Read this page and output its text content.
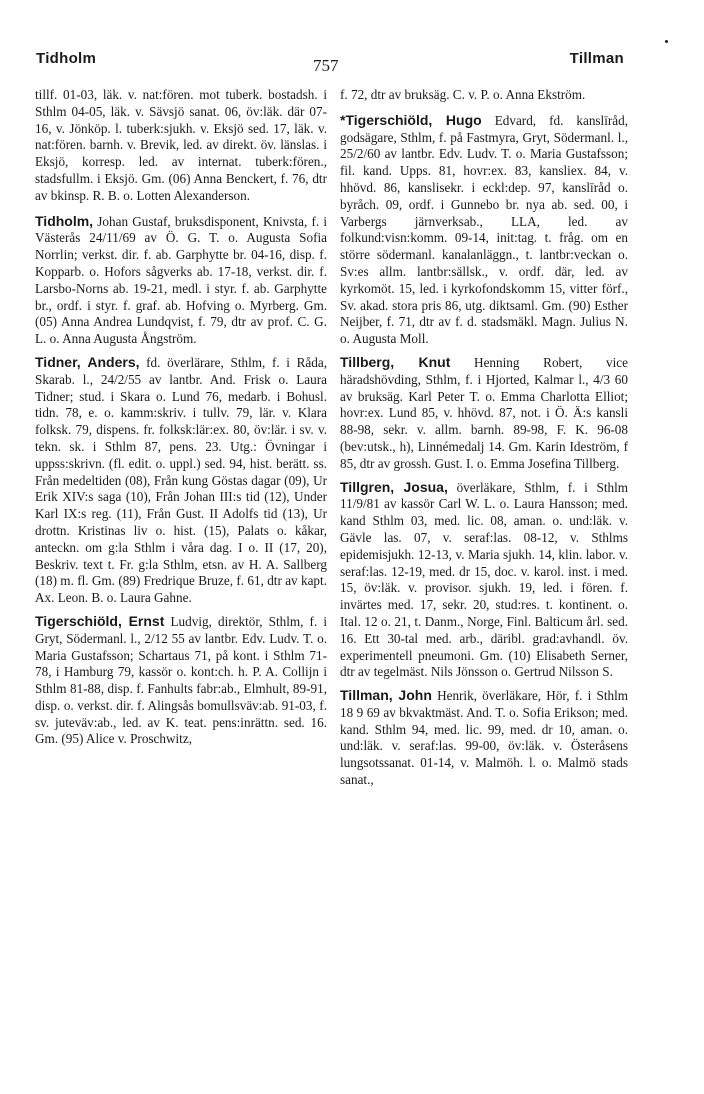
Tidholm	757	Tillman

tillf. 01-03, läk. v. nat:fören. mot tuberk. bostadsh. i Sthlm 04-05, läk. v. Sävsjö sanat. 06, öv:läk. där 07-16, v. Jönköp. l. tuberk:sjukh. v. Eksjö sed. 17, läk. v. nat:fören. barnh. v. Brevik, led. av direkt. öv. länslas. i Eksjö, korresp. led. av internat. tuberk:fören., stadsfullm. i Eksjö. Gm. (06) Anna Benckert, f. 76, dtr av bkinsp. R. B. o. Lotten Alexanderson.

Tidholm, Johan Gustaf, bruksdisponent, Knivsta, f. i Västerås 24/11/69 av Ö. G. T. o. Augusta Sofia Norrlin; verkst. dir. f. ab. Garphytte br. 04-16, disp. f. Kopparb. o. Hofors sågverks ab. 17-18, verkst. dir. f. Larsbo-Norns ab. 19-21, medl. i styr. f. ab. Garphytte br., ordf. i styr. f. graf. ab. Hofving o. Myrberg. Gm. (05) Anna Andrea Lundqvist, f. 79, dtr av prof. C. G. L. o. Anna Augusta Ångström.

Tidner, Anders, fd. överlärare, Sthlm, f. i Råda, Skarab. l., 24/2/55 av lantbr. And. Frisk o. Laura Tidner; stud. i Skara o. Lund 76, medarb. i Bohusl. tidn. 78, e. o. kamm:skriv. i tullv. 79, lär. v. Klara folksk. 79, dispens. fr. folksk:lär:ex. 80, öv:lär. i sv. v. tekn. sk. i Sthlm 87, pens. 23. Utg.: Övningar i uppss:skrivn. (fl. edit. o. uppl.) sed. 94, hist. berätt. ss. Från medeltiden (08), Från kung Göstas dagar (09), Ur Erik XIV:s saga (10), Från Johan III:s tid (12), Under Karl IX:s reg. (11), Från Gust. II Adolfs tid (13), Ur drottn. Kristinas liv o. hist. (15), Palats o. kåkar, anteckn. om g:la Sthlm i våra dag. I o. II (17, 20), Beskriv. text t. Fr. g:la Sthlm, etsn. av H. A. Sallberg (18) m. fl. Gm. (89) Fredrique Bruze, f. 61, dtr av kapt. Ax. Leon. B. o. Laura Gahne.

Tigerschiöld, Ernst Ludvig, direktör, Sthlm, f. i Gryt, Södermanl. l., 2/12 55 av lantbr. Edv. Ludv. T. o. Maria Gustafsson; Schartaus 71, på kont. i Sthlm 71-78, i Hamburg 79, kassör o. kont:ch. h. P. A. Collijn i Sthlm 81-88, disp. f. Fanhults fabr:ab., Elmhult, 89-91, disp. o. verkst. dir. f. Alingsås bomullsväv:ab. 91-03, f. sv. juteväv:ab., led. av K. teat. pens:inrättn. sed. 16. Gm. (95) Alice v. Proschwitz,

f. 72, dtr av bruksäg. C. v. P. o. Anna Ekström.

*Tigerschiöld, Hugo Edvard, fd. kanslīråd, godsägare, Sthlm, f. på Fastmyra, Gryt, Södermanl. l., 25/2/60 av lantbr. Edv. Ludv. T. o. Maria Gustafsson; fil. kand. Upps. 81, hovr:ex. 83, kansliex. 84, v. hhövd. 86, kanslisekr. i eckl:dep. 97, kanslīråd o. byråch. 09, ordf. i Gunnebo br. nya ab. sed. 00, i Varbergs järnverksab., LLA, led. av folkund:visn:komm. 09-14, init:tag. t. fråg. om en större södermanl. kanalanläggn., t. lantbr:veckan o. Sv:es allm. lantbr:sällsk., v. ordf. där, led. av kyrkomöt. 15, led. i kyrkofondskomm 15, vitter förf., Sv. akad. stora pris 86, utg. diktsaml. Gm. (90) Esther Neijber, f. 71, dtr av f. d. stadsmäkl. Magn. Julius N. o. Augusta Moll.

Tillberg, Knut Henning Robert, vice häradshövding, Sthlm, f. i Hjorted, Kalmar l., 4/3 60 av bruksäg. Karl Peter T. o. Emma Charlotta Elliot; hovr:ex. Lund 85, v. hhövd. 87, not. i Ö. Ä:s kansli 88-98, sekr. v. allm. barnh. 89-98, F. K. 96-08 (bev:utsk., h), Linnémedalj 14. Gm. Karin Ideström, f 85, dtr av grossh. Gust. I. o. Emma Josefina Tillberg.

Tillgren, Josua, överläkare, Sthlm, f. i Sthlm 11/9/81 av kassör Carl W. L. o. Laura Hansson; med. kand Sthlm 03, med. lic. 08, aman. o. und:läk. v. Gävle las. 07, v. seraf:las. 08-12, v. Sthlms epidemisjukh. 12-13, v. Maria sjukh. 14, klin. labor. v. seraf:las. 12-19, med. dr 15, doc. v. karol. inst. i med. 15, öv:läk. v. provisor. sjukh. 19, led. i fören. f. invärtes med. 17, sekr. 20, stud:res. t. kontinent. o. Ital. 12 o. 21, t. Danm., Norge, Finl. Balticum årl. sed. 16. Ett 30-tal med. arb., däribl. grad:avhandl. öv. experimentell pneumoni. Gm. (10) Elisabeth Serner, dtr av tegelmäst. Nils Jönsson o. Gertrud Nilsson S.

Tillman, John Henrik, överläkare, Hör, f. i Sthlm 18 9 69 av bkvaktmäst. And. T. o. Sofia Erikson; med. kand. Sthlm 94, med. lic. 99, med. dr 10, aman. o. und:läk. v. seraf:las. 99-00, öv:läk. v. Österåsens lungsotssanat. 01-14, v. Malmöh. l. o. Malmö stads sanat.,
